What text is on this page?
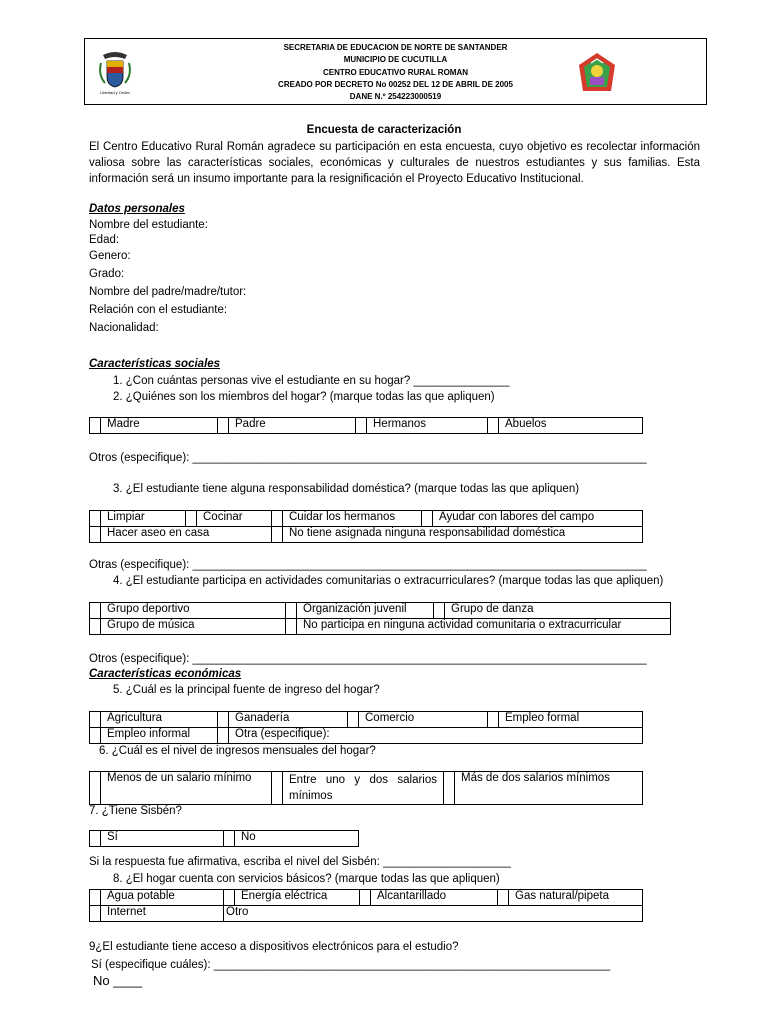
Libertad y Orden
SECRETARIA DE EDUCACION DE NORTE DE SANTANDER
MUNICIPIO DE CUCUTILLA
CENTRO EDUCATIVO RURAL ROMAN
CREADO POR DECRETO No 00252 DEL 12 DE ABRIL DE 2005
DANE N.º 254223000519
Encuesta de caracterización
El Centro Educativo Rural Román agradece su participación en esta encuesta, cuyo objetivo es recolectar información valiosa sobre las características sociales, económicas y culturales de nuestros estudiantes y sus familias. Esta información será un insumo importante para la resignificación el Proyecto Educativo Institucional.
Datos personales
Nombre del estudiante:
Edad:
Genero:
Grado:
Nombre del padre/madre/tutor:
Relación con el estudiante:
Nacionalidad:
Características sociales
1. ¿Con cuántas personas vive el estudiante en su hogar? _______________
2. ¿Quiénes son los miembros del hogar? (marque todas las que apliquen)
	Madre		Padre		Hermanos		Abuelos
Otros (especifique): _______________________________________________________________________
3. ¿El estudiante tiene alguna responsabilidad doméstica? (marque todas las que apliquen)
	Limpiar		Cocinar		Cuidar los hermanos		Ayudar con labores del campo
	Hacer aseo en casa				No tiene asignada ninguna responsabilidad doméstica		
Otras (especifique): _______________________________________________________________________
4. ¿El estudiante participa en actividades comunitarias o extracurriculares? (marque todas las que apliquen)
	Grupo deportivo		Organización juvenil		Grupo de danza
	Grupo de música		No participa en ninguna actividad comunitaria o extracurricular		
Otros (especifique): _______________________________________________________________________
Características económicas
5. ¿Cuál es la principal fuente de ingreso del hogar?
	Agricultura		Ganadería		Comercio		Empleo formal
	Empleo informal		Otra (especifique):				
6. ¿Cuál es el nivel de ingresos mensuales del hogar?
	Menos de un salario mínimo		Entre uno y dos salarios mínimos		Más de dos salarios mínimos
7. ¿Tiene Sisbén?
	Sí		No
Si la respuesta fue afirmativa, escriba el nivel del Sisbén: ____________________
8. ¿El hogar cuenta con servicios básicos? (marque todas las que apliquen)
	Agua potable		Energía eléctrica		Alcantarillado		Gas natural/pipeta
	Internet	Otro					
9¿El estudiante tiene acceso a dispositivos electrónicos para el estudio?
Sí (especifique cuáles): ______________________________________________________________
No ____
